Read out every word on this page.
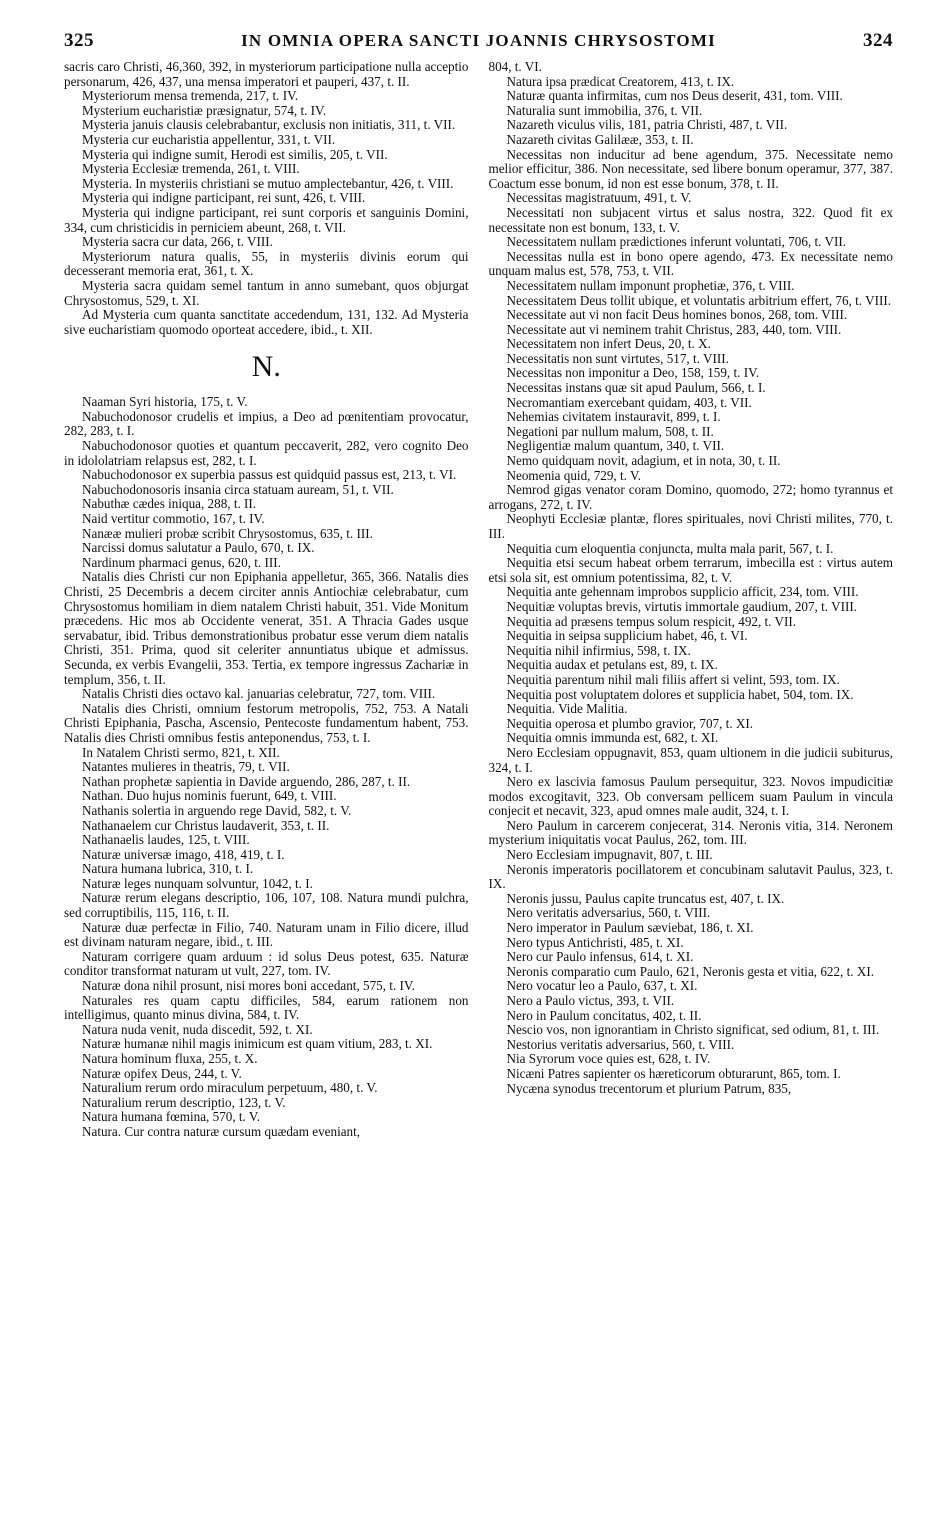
325	IN OMNIA OPERA SANCTI JOANNIS CHRYSOSTOMI	324

sacris caro Christi, 46,360, 392, in mysteriorum participatione nulla acceptio personarum, 426, 437, una mensa imperatori et pauperi, 437, t. II.

Mysteriorum mensa tremenda, 217, t. IV.

Mysterium eucharistiæ præsignatur, 574, t. IV.

Mysteria januis clausis celebrabantur, exclusis non initiatis, 311, t. VII.

Mysteria cur eucharistia appellentur, 331, t. VII.

Mysteria qui indigne sumit, Herodi est similis, 205, t. VII.

Mysteria Ecclesiæ tremenda, 261, t. VIII.

Mysteria. In mysteriis christiani se mutuo amplectebantur, 426, t. VIII.

Mysteria qui indigne participant, rei sunt, 426, t. VIII.

Mysteria qui indigne participant, rei sunt corporis et sanguinis Domini, 334, cum christicidis in perniciem abeunt, 268, t. VII.

Mysteria sacra cur data, 266, t. VIII.

Mysteriorum natura qualis, 55, in mysteriis divinis eorum qui decesserant memoria erat, 361, t. X.

Mysteria sacra quidam semel tantum in anno sumebant, quos objurgat Chrysostomus, 529, t. XI.

Ad Mysteria cum quanta sanctitate accedendum, 131, 132. Ad Mysteria sive eucharistiam quomodo oporteat accedere, ibid., t. XII.

N.

Naaman Syri historia, 175, t. V.

Nabuchodonosor crudelis et impius, a Deo ad pœnitentiam provocatur, 282, 283, t. I.

Nabuchodonosor quoties et quantum peccaverit, 282, vero cognito Deo in idololatriam relapsus est, 282, t. I.

Nabuchodonosor ex superbia passus est quidquid passus est, 213, t. VI.

Nabuchodonosoris insania circa statuam auream, 51, t. VII.

Nabuthæ cædes iniqua, 288, t. II.

Naid vertitur commotio, 167, t. IV.

Nanææ mulieri probæ scribit Chrysostomus, 635, t. III.

Narcissi domus salutatur a Paulo, 670, t. IX.

Nardinum pharmaci genus, 620, t. III.

Natalis dies Christi cur non Epiphania appelletur, 365, 366. Natalis dies Christi, 25 Decembris a decem circiter annis Antiochiæ celebrabatur, cum Chrysostomus homiliam in diem natalem Christi habuit, 351. Vide Monitum præcedens. Hic mos ab Occidente venerat, 351. A Thracia Gades usque servabatur, ibid. Tribus demonstrationibus probatur esse verum diem natalis Christi, 351. Prima, quod sit celeriter annuntiatus ubique et admissus. Secunda, ex verbis Evangelii, 353. Tertia, ex tempore ingressus Zachariæ in templum, 356, t. II.

Natalis Christi dies octavo kal. januarias celebratur, 727, tom. VIII.

Natalis dies Christi, omnium festorum metropolis, 752, 753. A Natali Christi Epiphania, Pascha, Ascensio, Pentecoste fundamentum habent, 753. Natalis dies Christi omnibus festis anteponendus, 753, t. I.

In Natalem Christi sermo, 821, t. XII.

Natantes mulieres in theatris, 79, t. VII.

Nathan prophetæ sapientia in Davide arguendo, 286, 287, t. II.

Nathan. Duo hujus nominis fuerunt, 649, t. VIII.

Nathanis solertia in arguendo rege David, 582, t. V.

Nathanaelem cur Christus laudaverit, 353, t. II.

Nathanaelis laudes, 125, t. VIII.

Naturæ universæ imago, 418, 419, t. I.

Natura humana lubrica, 310, t. I.

Naturæ leges nunquam solvuntur, 1042, t. I.

Naturæ rerum elegans descriptio, 106, 107, 108. Natura mundi pulchra, sed corruptibilis, 115, 116, t. II.

Naturæ duæ perfectæ in Filio, 740. Naturam unam in Filio dicere, illud est divinam naturam negare, ibid., t. III.

Naturam corrigere quam arduum : id solus Deus potest, 635. Naturæ conditor transformat naturam ut vult, 227, tom. IV.

Naturæ dona nihil prosunt, nisi mores boni accedant, 575, t. IV.

Naturales res quam captu difficiles, 584, earum rationem non intelligimus, quanto minus divina, 584, t. IV.

Natura nuda venit, nuda discedit, 592, t. XI.

Naturæ humanæ nihil magis inimicum est quam vitium, 283, t. XI.

Natura hominum fluxa, 255, t. X.

Naturæ opifex Deus, 244, t. V.

Naturalium rerum ordo miraculum perpetuum, 480, t. V.

Naturalium rerum descriptio, 123, t. V.

Natura humana fœmina, 570, t. V.

Natura. Cur contra naturæ cursum quædam eveniant,

804, t. VI.

Natura ipsa prædicat Creatorem, 413, t. IX.

Naturæ quanta infirmitas, cum nos Deus deserit, 431, tom. VIII.

Naturalia sunt immobilia, 376, t. VII.

Nazareth viculus vilis, 181, patria Christi, 487, t. VII.

Nazareth civitas Galilææ, 353, t. II.

Necessitas non inducitur ad bene agendum, 375. Necessitate nemo melior efficitur, 386. Non necessitate, sed libere bonum operamur, 377, 387. Coactum esse bonum, id non est esse bonum, 378, t. II.

Necessitas magistratuum, 491, t. V.

Necessitati non subjacent virtus et salus nostra, 322. Quod fit ex necessitate non est bonum, 133, t. V.

Necessitatem nullam prædictiones inferunt voluntati, 706, t. VII.

Necessitas nulla est in bono opere agendo, 473. Ex necessitate nemo unquam malus est, 578, 753, t. VII.

Necessitatem nullam imponunt prophetiæ, 376, t. VIII.

Necessitatem Deus tollit ubique, et voluntatis arbitrium effert, 76, t. VIII.

Necessitate aut vi non facit Deus homines bonos, 268, tom. VIII.

Necessitate aut vi neminem trahit Christus, 283, 440, tom. VIII.

Necessitatem non infert Deus, 20, t. X.

Necessitatis non sunt virtutes, 517, t. VIII.

Necessitas non imponitur a Deo, 158, 159, t. IV.

Necessitas instans quæ sit apud Paulum, 566, t. I.

Necromantiam exercebant quidam, 403, t. VII.

Nehemias civitatem instauravit, 899, t. I.

Negationi par nullum malum, 508, t. II.

Negligentiæ malum quantum, 340, t. VII.

Nemo quidquam novit, adagium, et in nota, 30, t. II.

Neomenia quid, 729, t. V.

Nemrod gigas venator coram Domino, quomodo, 272; homo tyrannus et arrogans, 272, t. IV.

Neophyti Ecclesiæ plantæ, flores spirituales, novi Christi milites, 770, t. III.

Nequitia cum eloquentia conjuncta, multa mala parit, 567, t. I.

Nequitia etsi secum habeat orbem terrarum, imbecilla est : virtus autem etsi sola sit, est omnium potentissima, 82, t. V.

Nequitia ante gehennam improbos supplicio afficit, 234, tom. VIII.

Nequitiæ voluptas brevis, virtutis immortale gaudium, 207, t. VIII.

Nequitia ad præsens tempus solum respicit, 492, t. VII.

Nequitia in seipsa supplicium habet, 46, t. VI.

Nequitia nihil infirmius, 598, t. IX.

Nequitia audax et petulans est, 89, t. IX.

Nequitia parentum nihil mali filiis affert si velint, 593, tom. IX.

Nequitia post voluptatem dolores et supplicia habet, 504, tom. IX.

Nequitia. Vide Malitia.

Nequitia operosa et plumbo gravior, 707, t. XI.

Nequitia omnis immunda est, 682, t. XI.

Nero Ecclesiam oppugnavit, 853, quam ultionem in die judicii subiturus, 324, t. I.

Nero ex lascivia famosus Paulum persequitur, 323. Novos impudicitiæ modos excogitavit, 323. Ob conversam pellicem suam Paulum in vincula conjecit et necavit, 323, apud omnes male audit, 324, t. I.

Nero Paulum in carcerem conjecerat, 314. Neronis vitia, 314. Neronem mysterium iniquitatis vocat Paulus, 262, tom. III.

Nero Ecclesiam impugnavit, 807, t. III.

Neronis imperatoris pocillatorem et concubinam salutavit Paulus, 323, t. IX.

Neronis jussu, Paulus capite truncatus est, 407, t. IX.

Nero veritatis adversarius, 560, t. VIII.

Nero imperator in Paulum sæviebat, 186, t. XI.

Nero typus Antichristi, 485, t. XI.

Nero cur Paulo infensus, 614, t. XI.

Neronis comparatio cum Paulo, 621, Neronis gesta et vitia, 622, t. XI.

Nero vocatur leo a Paulo, 637, t. XI.

Nero a Paulo victus, 393, t. VII.

Nero in Paulum concitatus, 402, t. II.

Nescio vos, non ignorantiam in Christo significat, sed odium, 81, t. III.

Nestorius veritatis adversarius, 560, t. VIII.

Nia Syrorum voce quies est, 628, t. IV.

Nicæni Patres sapienter os hæreticorum obturarunt, 865, tom. I.

Nycæna synodus trecentorum et plurium Patrum, 835,
